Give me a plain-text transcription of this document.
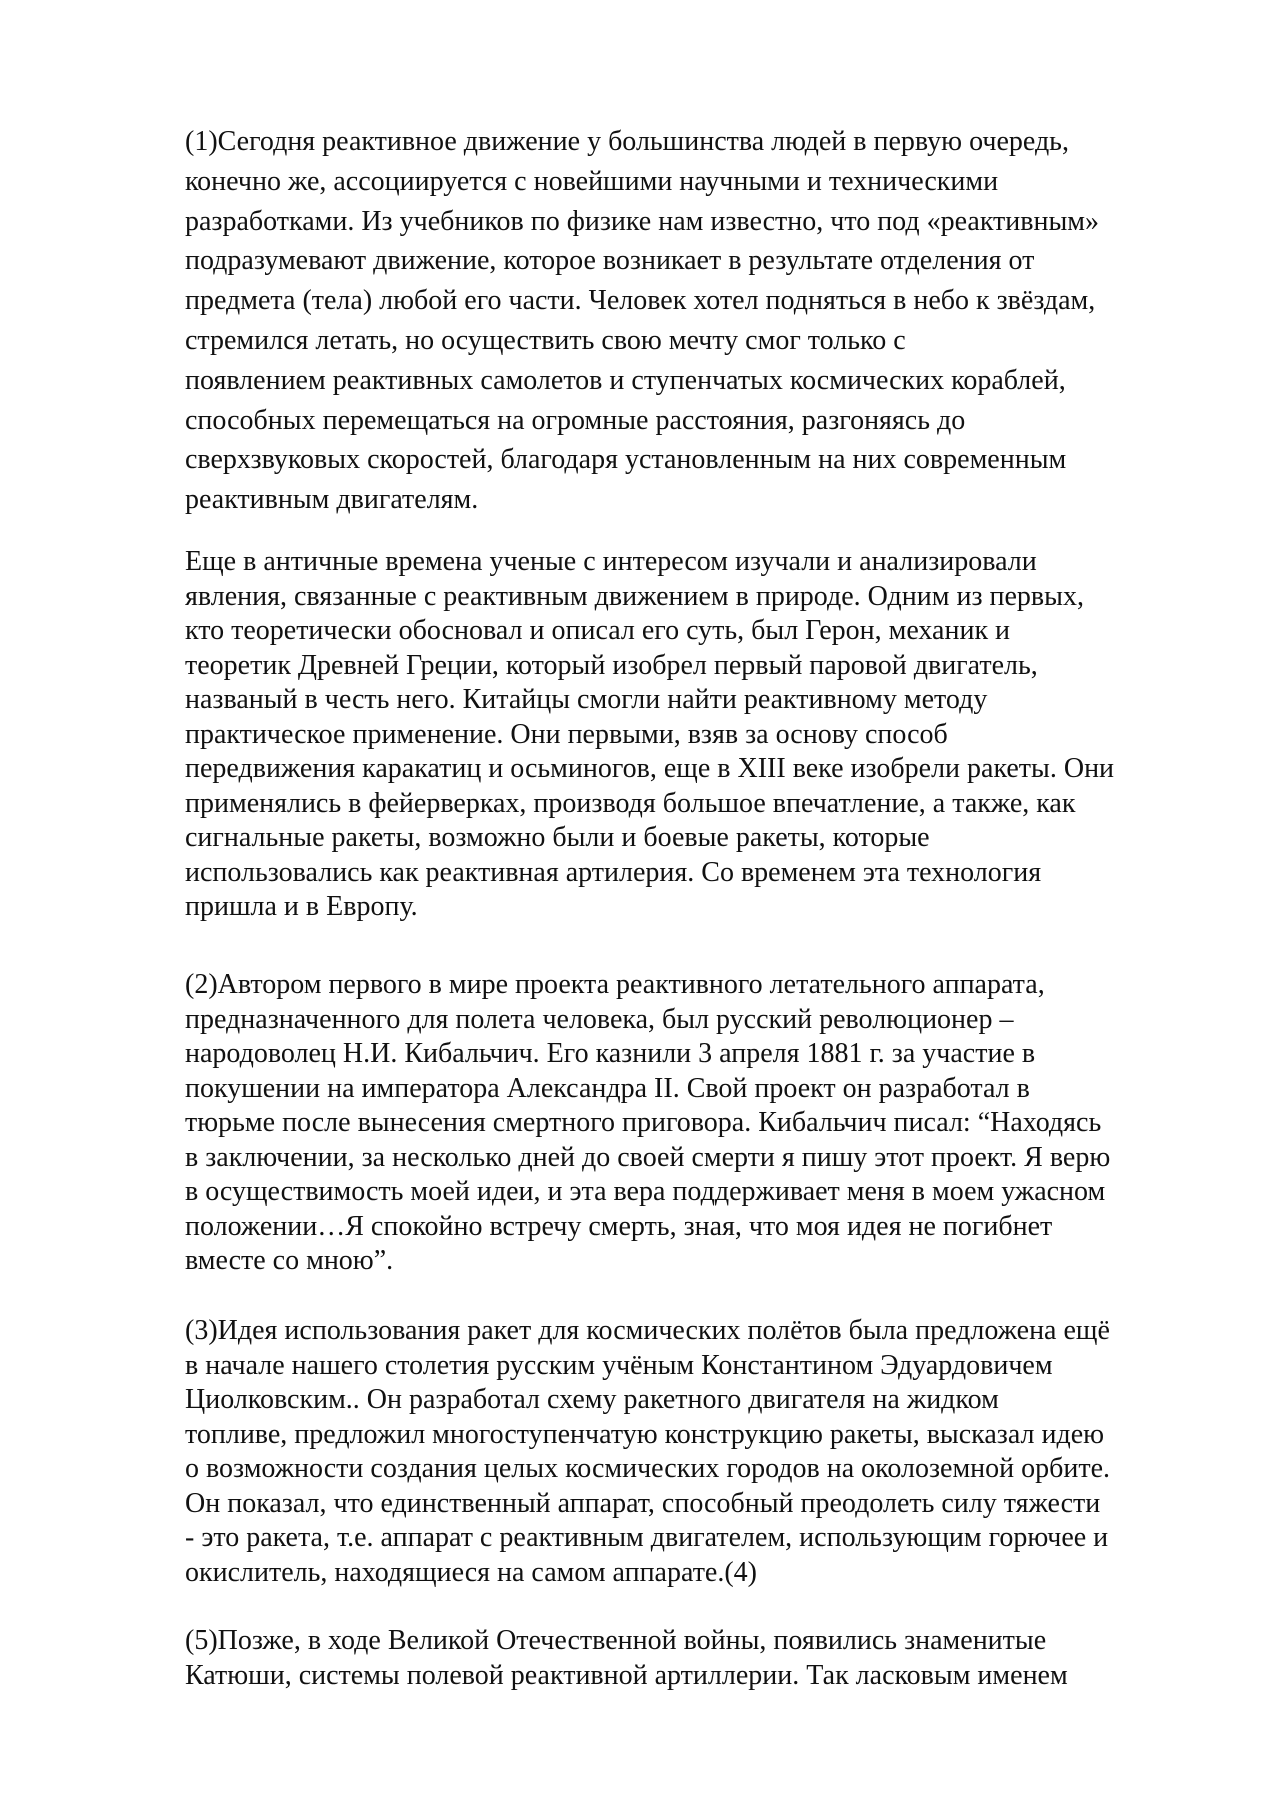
(1)Сегодня реактивное движение у большинства людей в первую очередь,
конечно же, ассоциируется с новейшими научными и техническими
разработками. Из учебников по физике нам известно, что под «реактивным»
подразумевают движение, которое возникает в результате отделения от
предмета (тела) любой его части. Человек хотел подняться в небо к звёздам,
стремился летать, но осуществить свою мечту смог только с
появлением реактивных самолетов и ступенчатых космических кораблей,
способных перемещаться на огромные расстояния, разгоняясь до
сверхзвуковых скоростей, благодаря установленным на них современным
реактивным двигателям.

Еще в античные времена ученые с интересом изучали и анализировали
явления, связанные с реактивным движением в природе. Одним из первых,
кто теоретически обосновал и описал его суть, был Герон, механик и
теоретик Древней Греции, который изобрел первый паровой двигатель,
названый в честь него. Китайцы смогли найти реактивному методу
практическое применение. Они первыми, взяв за основу способ
передвижения каракатиц и осьминогов, еще в XIII веке изобрели ракеты. Они
применялись в фейерверках, производя большое впечатление, а также, как
сигнальные ракеты, возможно были и боевые ракеты, которые
использовались как реактивная артилерия. Со временем эта технология
пришла и в Европу.

(2)Автором первого в мире проекта реактивного летательного аппарата,
предназначенного для полета человека, был русский революционер –
народоволец Н.И. Кибальчич. Его казнили 3 апреля 1881 г. за участие в
покушении на императора Александра II. Свой проект он разработал в
тюрьме после вынесения смертного приговора. Кибальчич писал: “Находясь
в заключении, за несколько дней до своей смерти я пишу этот проект. Я верю
в осуществимость моей идеи, и эта вера поддерживает меня в моем ужасном
положении…Я спокойно встречу смерть, зная, что моя идея не погибнет
вместе со мною”.

(3)Идея использования ракет для космических полётов была предложена ещё
в начале нашего столетия русским учёным Константином Эдуардовичем
Циолковским.. Он разработал схему ракетного двигателя на жидком
топливе, предложил многоступенчатую конструкцию ракеты, высказал идею
о возможности создания целых космических городов на околоземной орбите.
Он показал, что единственный аппарат, способный преодолеть силу тяжести
- это ракета, т.е. аппарат с реактивным двигателем, использующим горючее и
окислитель, находящиеся на самом аппарате.(4)

(5)Позже, в ходе Великой Отечественной войны, появились знаменитые
Катюши, системы полевой реактивной артиллерии. Так ласковым именем
